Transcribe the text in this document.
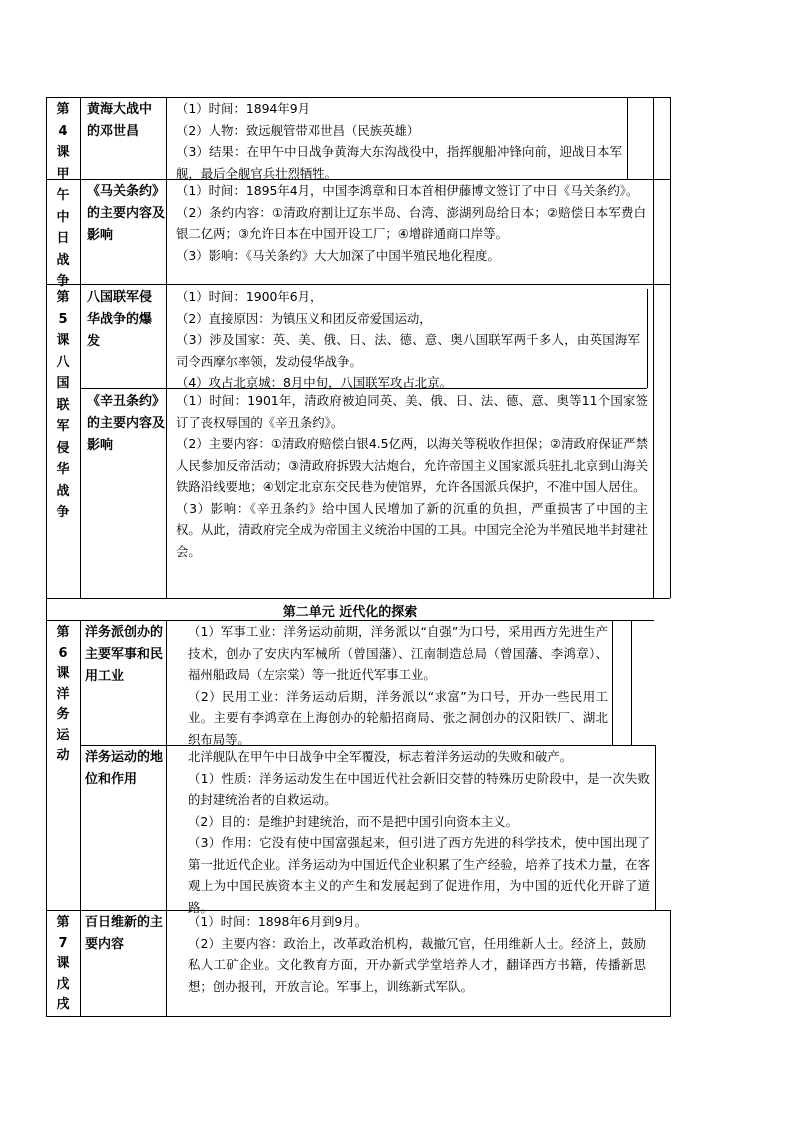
第
4
课
甲
午
中
日
战
争
第
5
课
八
国
联
军
侵
华
战
争
第
6
课
洋
务
运
动
第
7
课
戊
戌
黄海大战中的邓世昌
《马关条约》的主要内容及影响
八国联军侵华战争的爆发
《辛丑条约》的主要内容及影响
洋务派创办的主要军事和民用工业
洋务运动的地位和作用
百日维新的主要内容

（1）时间：1894年9月

（2）人物：致远舰管带邓世昌（民族英雄）

（3）结果：在甲午中日战争黄海大东沟战役中，指挥舰船冲锋向前，迎战日本军舰，最后全舰官兵壮烈牺牲。

（1）时间：1895年4月，中国李鸿章和日本首相伊藤博文签订了中日《马关条约》。

（2）条约内容：①清政府割让辽东半岛、台湾、澎湖列岛给日本；②赔偿日本军费白银二亿两；③允许日本在中国开设工厂；④增辟通商口岸等。

（3）影响：《马关条约》大大加深了中国半殖民地化程度。

（1）时间：1900年6月，

（2）直接原因：为镇压义和团反帝爱国运动，

（3）涉及国家：英、美、俄、日、法、德、意、奥八国联军两千多人，由英国海军司令西摩尔率领，发动侵华战争。

（4）攻占北京城：8月中旬，八国联军攻占北京。

（1）时间：1901年，清政府被迫同英、美、俄、日、法、德、意、奥等11个国家签订了丧权辱国的《辛丑条约》。

（2）主要内容：①清政府赔偿白银4.5亿两，以海关等税收作担保；②清政府保证严禁人民参加反帝活动；③清政府拆毁大沽炮台，允许帝国主义国家派兵驻扎北京到山海关铁路沿线要地；④划定北京东交民巷为使馆界，允许各国派兵保护，不准中国人居住。

（3）影响：《辛丑条约》给中国人民增加了新的沉重的负担，严重损害了中国的主权。从此，清政府完全成为帝国主义统治中国的工具。中国完全沦为半殖民地半封建社会。

第二单元 近代化的探索

（1）军事工业：洋务运动前期，洋务派以“自强”为口号，采用西方先进生产技术，创办了安庆内军械所（曾国藩）、江南制造总局（曾国藩、李鸿章）、福州船政局（左宗棠）等一批近代军事工业。

（2）民用工业：洋务运动后期，洋务派以“求富”为口号，开办一些民用工业。主要有李鸿章在上海创办的轮船招商局、张之洞创办的汉阳铁厂、湖北织布局等。

北洋舰队在甲午中日战争中全军覆没，标志着洋务运动的失败和破产。

（1）性质：洋务运动发生在中国近代社会新旧交替的特殊历史阶段中，是一次失败的封建统治者的自救运动。

（2）目的：是维护封建统治，而不是把中国引向资本主义。

（3）作用：它没有使中国富强起来，但引进了西方先进的科学技术，使中国出现了第一批近代企业。洋务运动为中国近代企业积累了生产经验，培养了技术力量，在客观上为中国民族资本主义的产生和发展起到了促进作用，为中国的近代化开辟了道路。

（1）时间：1898年6月到9月。

（2）主要内容：政治上，改革政治机构，裁撤冗官，任用维新人士。经济上，鼓励私人工矿企业。文化教育方面，开办新式学堂培养人才，翻译西方书籍，传播新思想；创办报刊，开放言论。军事上，训练新式军队。
